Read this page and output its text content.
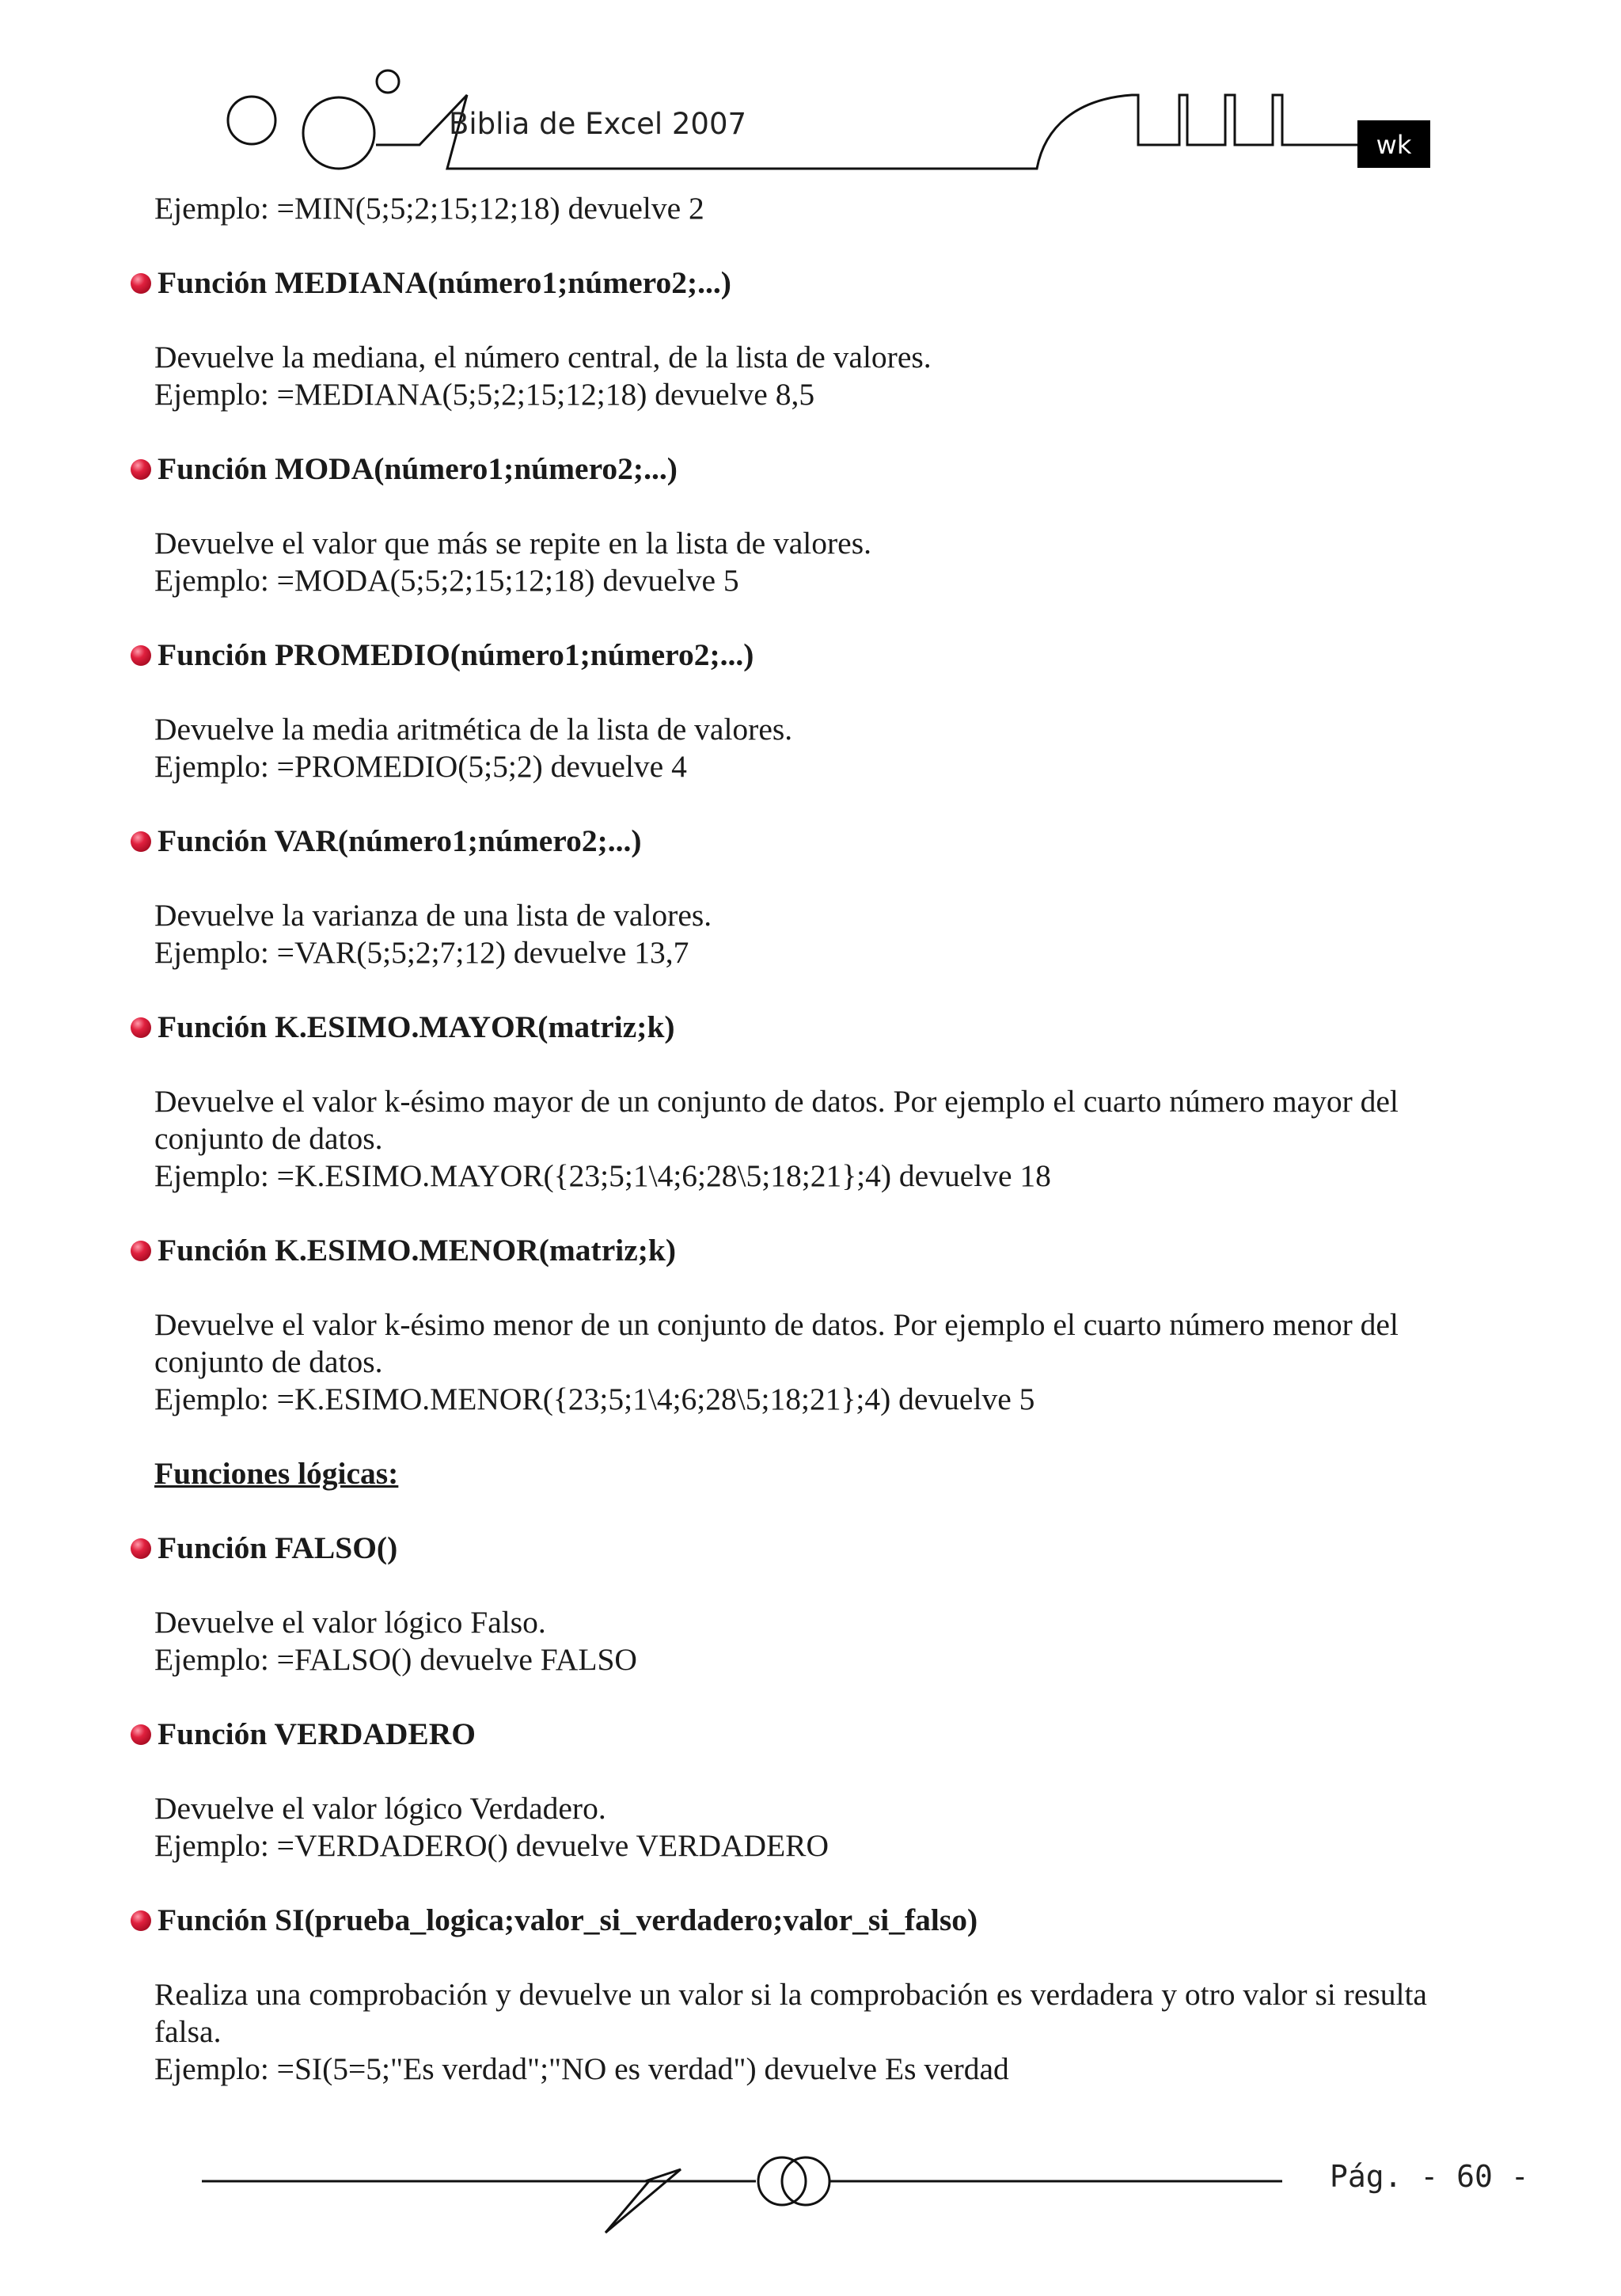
Biblia de Excel 2007
wk
Ejemplo: =MIN(5;5;2;15;12;18) devuelve 2
Función MEDIANA(número1;número2;...)
Devuelve la mediana, el número central, de la lista de valores.
Ejemplo: =MEDIANA(5;5;2;15;12;18) devuelve 8,5
Función MODA(número1;número2;...)
Devuelve el valor que más se repite en la lista de valores.
Ejemplo: =MODA(5;5;2;15;12;18) devuelve 5
Función PROMEDIO(número1;número2;...)
Devuelve la media aritmética de la lista de valores.
Ejemplo: =PROMEDIO(5;5;2) devuelve 4
Función VAR(número1;número2;...)
Devuelve la varianza de una lista de valores.
Ejemplo: =VAR(5;5;2;7;12) devuelve 13,7
Función K.ESIMO.MAYOR(matriz;k)
Devuelve el valor k-ésimo mayor de un conjunto de datos. Por ejemplo el cuarto número mayor del
conjunto de datos.
Ejemplo: =K.ESIMO.MAYOR({23;5;1\4;6;28\5;18;21};4) devuelve 18
Función K.ESIMO.MENOR(matriz;k)
Devuelve el valor k-ésimo menor de un conjunto de datos. Por ejemplo el cuarto número menor del
conjunto de datos.
Ejemplo: =K.ESIMO.MENOR({23;5;1\4;6;28\5;18;21};4) devuelve 5
Funciones lógicas:
Función FALSO()
Devuelve el valor lógico Falso.
Ejemplo: =FALSO() devuelve FALSO
Función VERDADERO
Devuelve el valor lógico Verdadero.
Ejemplo: =VERDADERO() devuelve VERDADERO
Función SI(prueba_logica;valor_si_verdadero;valor_si_falso)
Realiza una comprobación y devuelve un valor si la comprobación es verdadera y otro valor si resulta
falsa.
Ejemplo: =SI(5=5;"Es verdad";"NO es verdad") devuelve Es verdad
Pág. - 60 -
